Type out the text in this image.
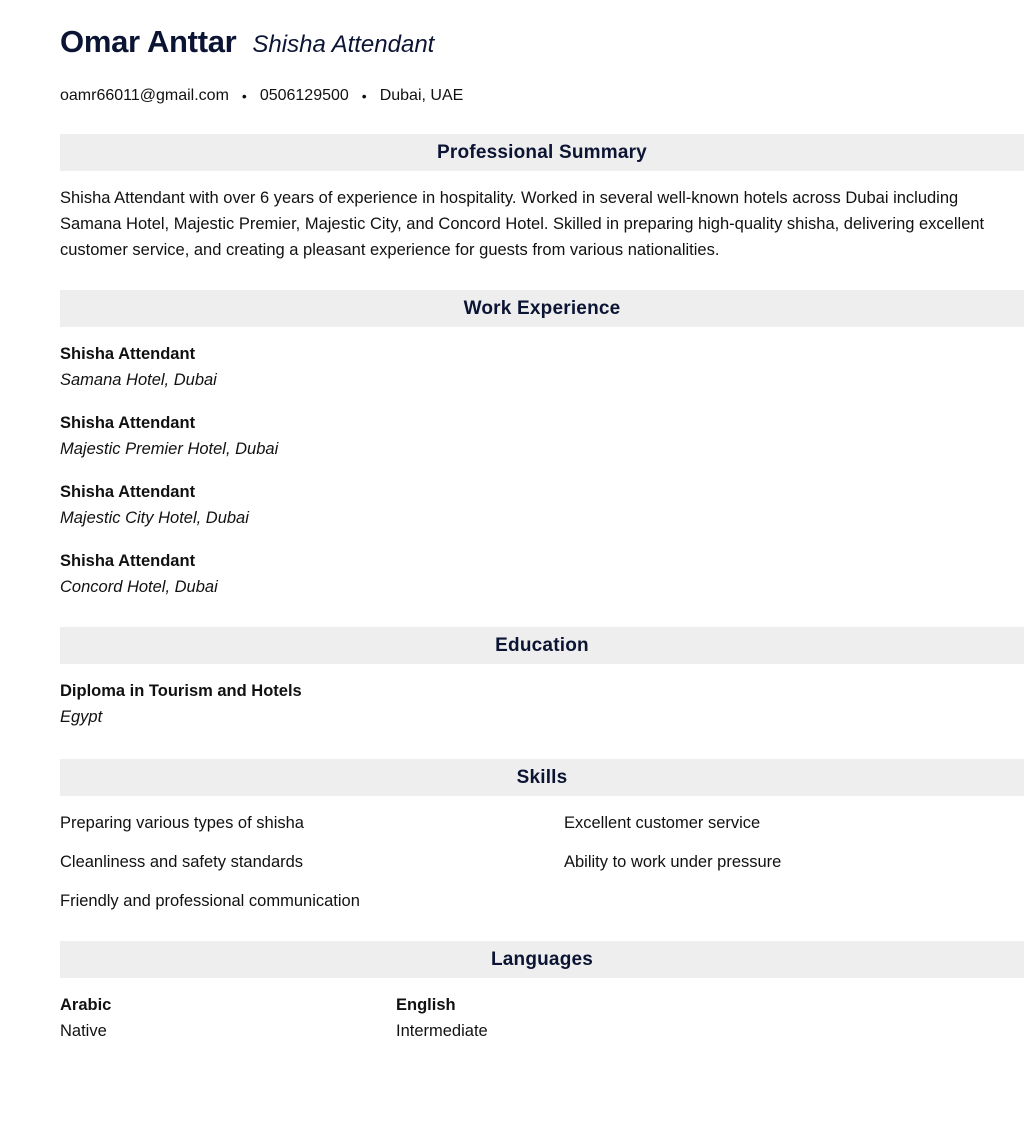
Omar Anttar Shisha Attendant
oamr66011@gmail.com • 0506129500 • Dubai, UAE
Professional Summary
Shisha Attendant with over 6 years of experience in hospitality. Worked in several well-known hotels across Dubai including Samana Hotel, Majestic Premier, Majestic City, and Concord Hotel. Skilled in preparing high-quality shisha, delivering excellent customer service, and creating a pleasant experience for guests from various nationalities.
Work Experience
Shisha Attendant
Samana Hotel, Dubai
Shisha Attendant
Majestic Premier Hotel, Dubai
Shisha Attendant
Majestic City Hotel, Dubai
Shisha Attendant
Concord Hotel, Dubai
Education
Diploma in Tourism and Hotels
Egypt
Skills
Preparing various types of shisha	Excellent customer service
Cleanliness and safety standards	Ability to work under pressure
Friendly and professional communication
Languages
Arabic
Native
English
Intermediate
